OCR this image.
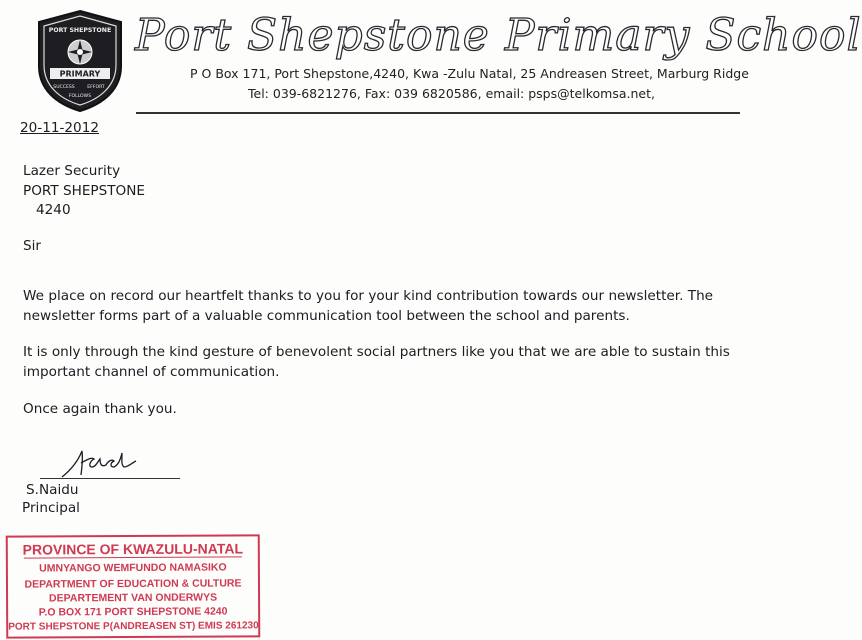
PORT SHEPSTONE
PRIMARY
SUCCESS	EFFORT
FOLLOWS
Port Shepstone Primary School
P O Box 171, Port Shepstone,4240, Kwa -Zulu Natal, 25 Andreasen Street, Marburg Ridge
Tel: 039-6821276, Fax: 039 6820586, email: psps@telkomsa.net,
20-11-2012
Lazer Security
PORT SHEPSTONE
4240
Sir
We place on record our heartfelt thanks to you for your kind contribution towards our newsletter. The newsletter forms part of a valuable communication tool between the school and parents.
It is only through the kind gesture of benevolent social partners like you that we are able to sustain this important channel of communication.
Once again thank you.
S.Naidu
Principal
PROVINCE OF KWAZULU-NATAL
UMNYANGO WEMFUNDO NAMASIKO
DEPARTMENT OF EDUCATION & CULTURE
DEPARTEMENT VAN ONDERWYS
P.O BOX 171 PORT SHEPSTONE 4240
PORT SHEPSTONE P(ANDREASEN ST) EMIS 261230
